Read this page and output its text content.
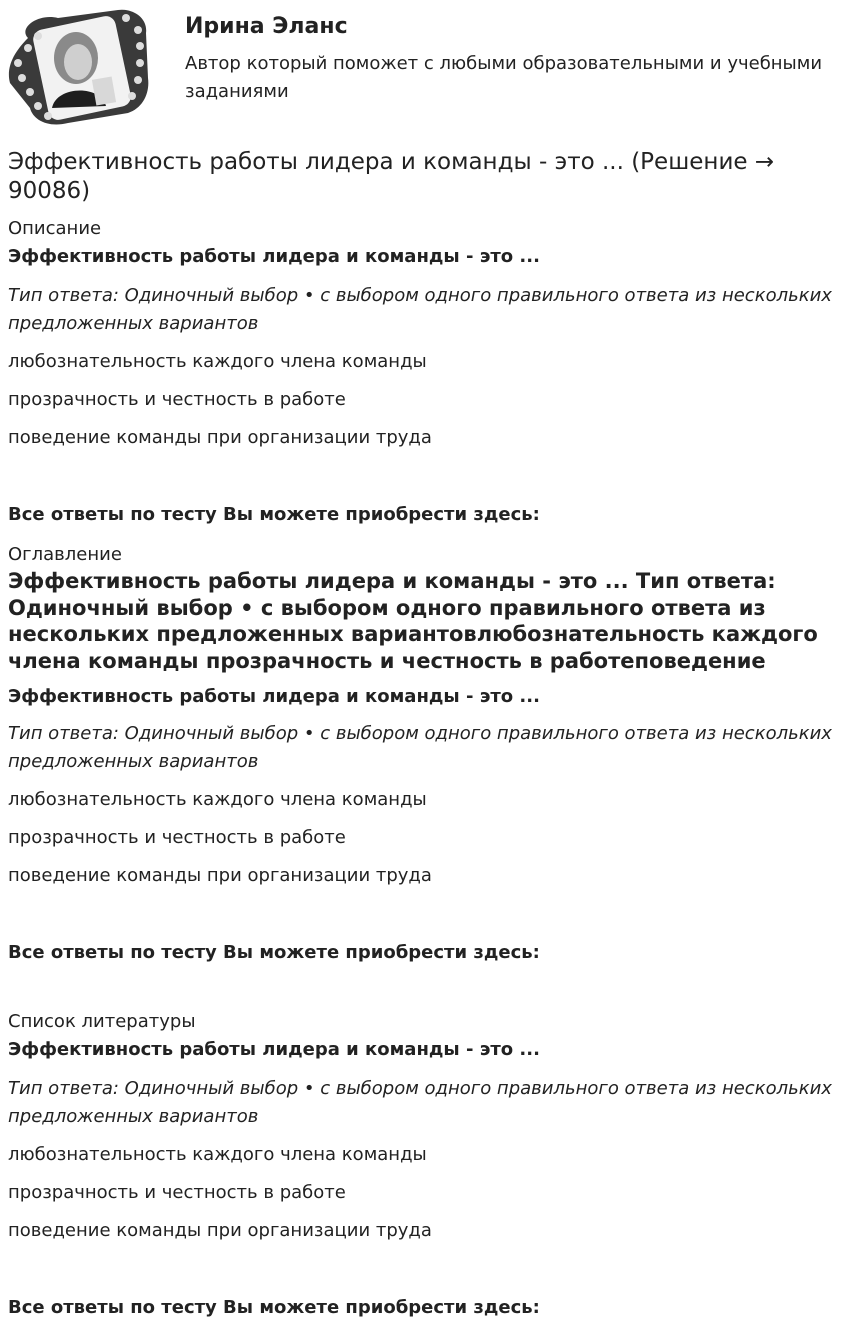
Ирина Эланс
Автор который поможет с любыми образовательными и учебными заданиями
Эффективность работы лидера и команды - это ... (Решение → 90086)
Описание
Эффективность работы лидера и команды - это ...
Тип ответа: Одиночный выбор • с выбором одного правильного ответа из нескольких предложенных вариантов
любознательность каждого члена команды
прозрачность и честность в работе
поведение команды при организации труда
Все ответы по тесту Вы можете приобрести здесь:
Оглавление
Эффективность работы лидера и команды - это ... Тип ответа: Одиночный выбор • с выбором одного правильного ответа из нескольких предложенных вариантовлюбознательность каждого члена команды прозрачность и честность в работеповедение
Эффективность работы лидера и команды - это ...
Тип ответа: Одиночный выбор • с выбором одного правильного ответа из нескольких предложенных вариантов
любознательность каждого члена команды
прозрачность и честность в работе
поведение команды при организации труда
Все ответы по тесту Вы можете приобрести здесь:
Список литературы
Эффективность работы лидера и команды - это ...
Тип ответа: Одиночный выбор • с выбором одного правильного ответа из нескольких предложенных вариантов
любознательность каждого члена команды
прозрачность и честность в работе
поведение команды при организации труда
Все ответы по тесту Вы можете приобрести здесь:
